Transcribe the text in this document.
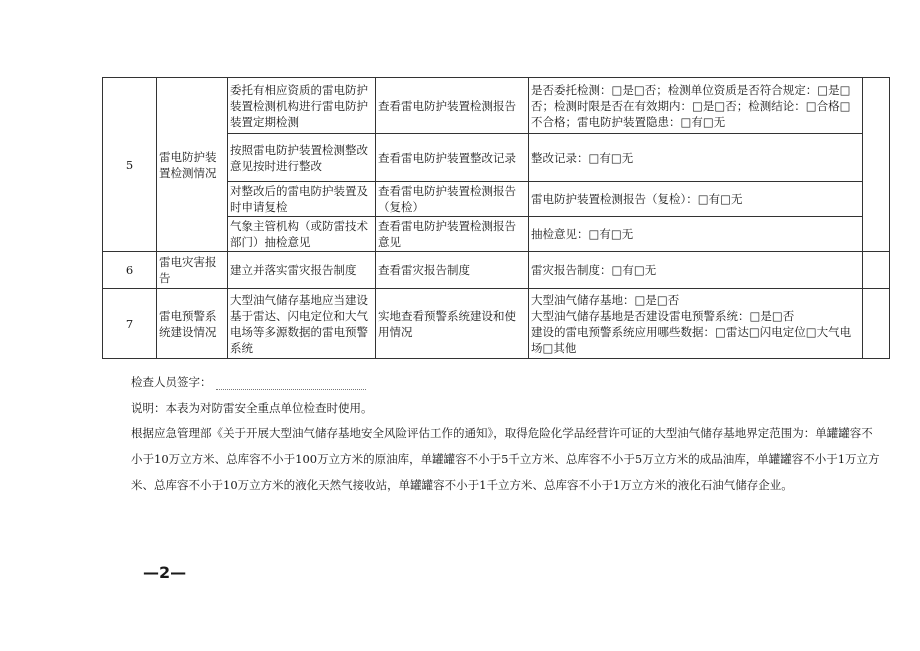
5	雷电防护装置检测情况	委托有相应资质的雷电防护装置检测机构进行雷电防护装置定期检测	查看雷电防护装置检测报告	是否委托检测：□是□否；检测单位资质是否符合规定：□是□否；检测时限是否在有效期内：□是□否；检测结论：□合格□不合格；雷电防护装置隐患：□有□无	
		按照雷电防护装置检测整改意见按时进行整改	查看雷电防护装置整改记录	整改记录：□有□无	
		对整改后的雷电防护装置及时申请复检	查看雷电防护装置检测报告（复检）	雷电防护装置检测报告（复检）：□有□无	
		气象主管机构（或防雷技术部门）抽检意见	查看雷电防护装置检测报告意见	抽检意见：□有□无	
6	雷电灾害报告	建立并落实雷灾报告制度	查看雷灾报告制度	雷灾报告制度：□有□无	
7	雷电预警系统建设情况	大型油气储存基地应当建设基于雷达、闪电定位和大气电场等多源数据的雷电预警系统	实地查看预警系统建设和使用情况	大型油气储存基地：□是□否
大型油气储存基地是否建设雷电预警系统：□是□否
建设的雷电预警系统应用哪些数据：□雷达□闪电定位□大气电场□其他	

检查人员签字：
说明：本表为对防雷安全重点单位检查时使用。

根据应急管理部《关于开展大型油气储存基地安全风险评估工作的通知》，取得危险化学品经营许可证的大型油气储存基地界定范围为：单罐罐容不小于10万立方米、总库容不小于100万立方米的原油库，单罐罐容不小于5千立方米、总库容不小于5万立方米的成品油库，单罐罐容不小于1万立方米、总库容不小于10万立方米的液化天然气接收站，单罐罐容不小于1千立方米、总库容不小于1万立方米的液化石油气储存企业。

—2—
